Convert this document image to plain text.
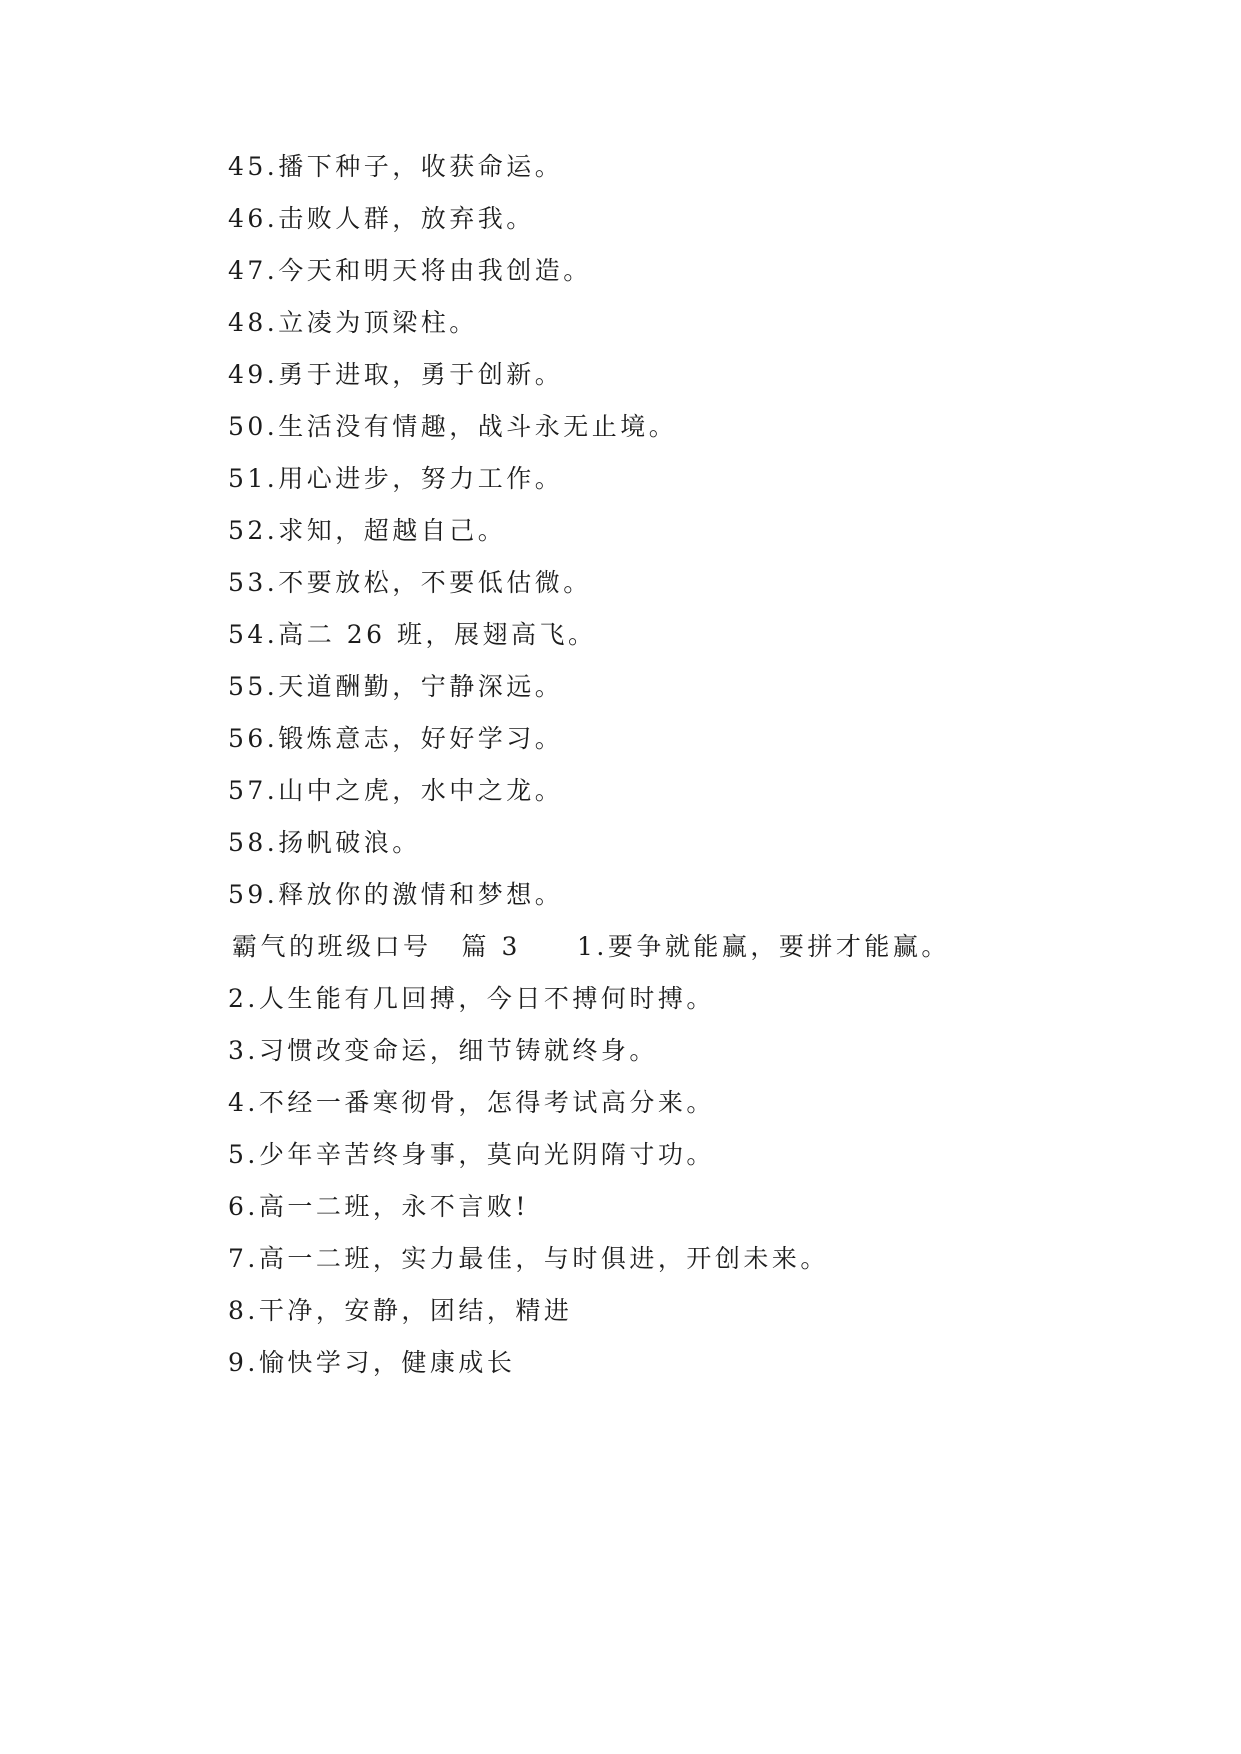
45.播下种子，收获命运。
46.击败人群，放弃我。
47.今天和明天将由我创造。
48.立凌为顶梁柱。
49.勇于进取，勇于创新。
50.生活没有情趣，战斗永无止境。
51.用心进步，努力工作。
52.求知，超越自己。
53.不要放松，不要低估微。
54.高二 26 班，展翅高飞。
55.天道酬勤，宁静深远。
56.锻炼意志，好好学习。
57.山中之虎，水中之龙。
58.扬帆破浪。
59.释放你的激情和梦想。
霸气的班级口号 篇 3 1.要争就能赢，要拼才能赢。
2.人生能有几回搏，今日不搏何时搏。
3.习惯改变命运，细节铸就终身。
4.不经一番寒彻骨，怎得考试高分来。
5.少年辛苦终身事，莫向光阴隋寸功。
6.高一二班，永不言败!
7.高一二班，实力最佳，与时俱进，开创未来。
8.干净，安静，团结，精进
9.愉快学习，健康成长
